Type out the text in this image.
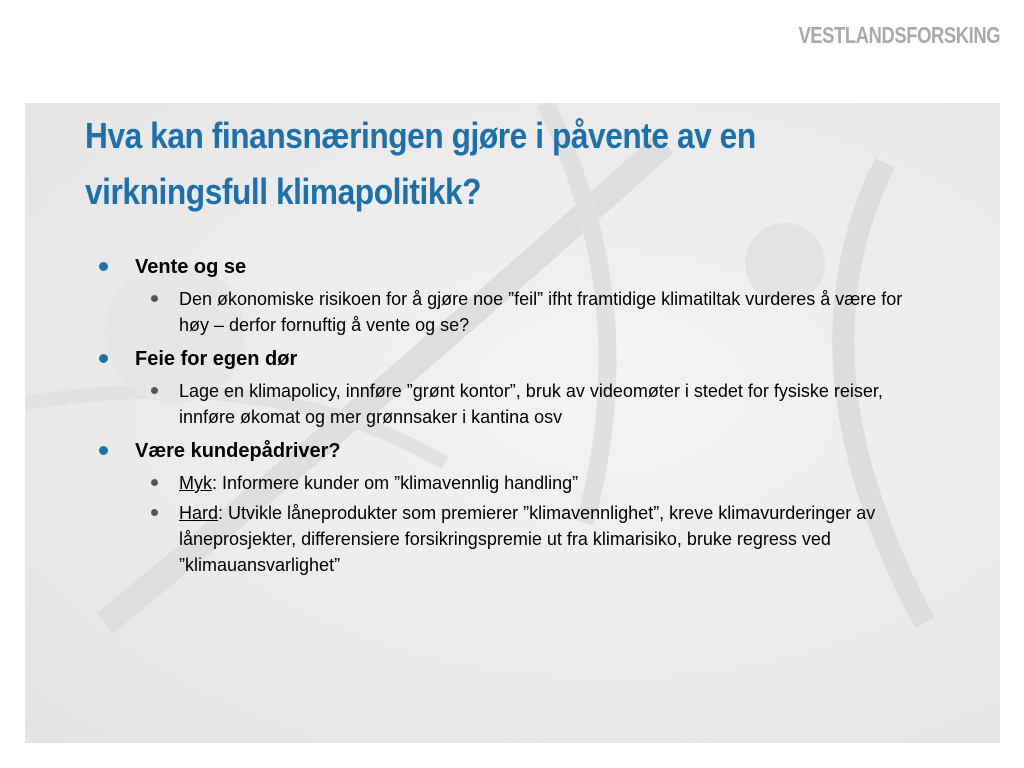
VESTLANDSFORSKING
Hva kan finansnæringen gjøre i påvente av en
virkningsfull klimapolitikk?
Vente og se
Den økonomiske risikoen for å gjøre noe ”feil” ifht framtidige klimatiltak vurderes å være for høy – derfor fornuftig å vente og se?
Feie for egen dør
Lage en klimapolicy, innføre ”grønt kontor”, bruk av videomøter i stedet for fysiske reiser, innføre økomat og mer grønnsaker i kantina osv
Være kundepådriver?
Myk: Informere kunder om ”klimavennlig handling”
Hard: Utvikle låneprodukter som premierer ”klimavennlighet”, kreve klimavurderinger av låneprosjekter, differensiere forsikringspremie ut fra klimarisiko, bruke regress ved ”klimauansvarlighet”
